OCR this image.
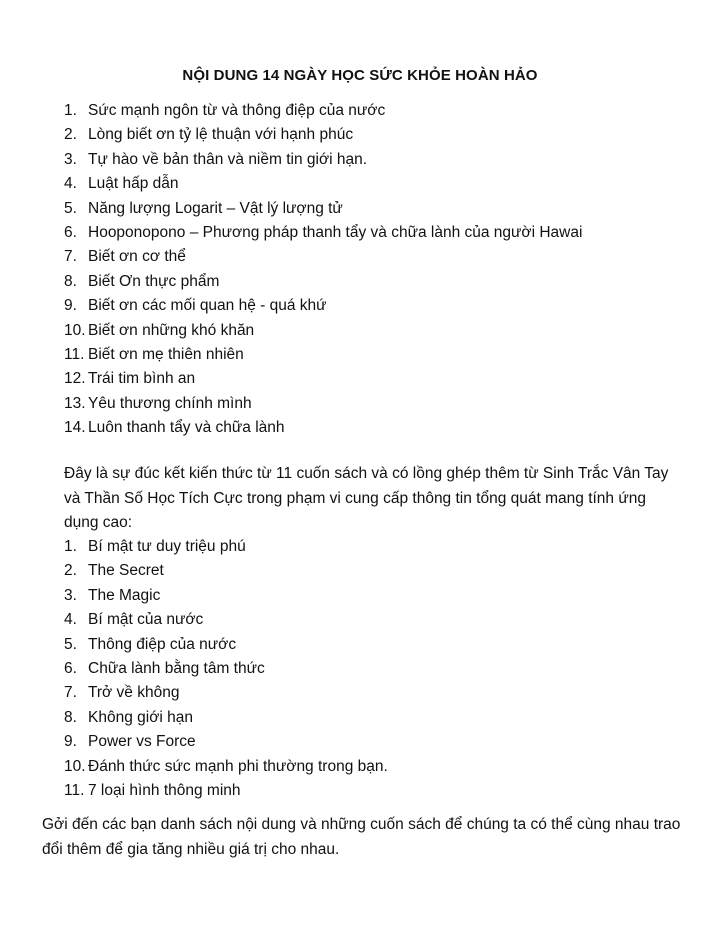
NỘI DUNG 14 NGÀY HỌC SỨC KHỎE HOÀN HẢO
1. Sức mạnh ngôn từ và thông điệp của nước
2. Lòng biết ơn tỷ lệ thuận với hạnh phúc
3. Tự hào về bản thân và niềm tin giới hạn.
4. Luật hấp dẫn
5. Năng lượng Logarit – Vật lý lượng tử
6. Hooponopono – Phương pháp thanh tẩy và chữa lành của người Hawai
7. Biết ơn cơ thể
8. Biết Ơn thực phẩm
9. Biết ơn các mối quan hệ - quá khứ
10. Biết ơn những khó khăn
11. Biết ơn mẹ thiên nhiên
12. Trái tim bình an
13. Yêu thương chính mình
14. Luôn thanh tẩy và chữa lành

Đây là sự đúc kết kiến thức từ 11 cuốn sách và có lồng ghép thêm từ Sinh Trắc Vân Tay và Thần Số Học Tích Cực trong phạm vi cung cấp thông tin tổng quát mang tính ứng dụng cao:

1. Bí mật tư duy triệu phú
2. The Secret
3. The Magic
4. Bí mật của nước
5. Thông điệp của nước
6. Chữa lành bằng tâm thức
7. Trở về không
8. Không giới hạn
9. Power vs Force
10. Đánh thức sức mạnh phi thường trong bạn.
11. 7 loại hình thông minh

Gởi đến các bạn danh sách nội dung và những cuốn sách để chúng ta có thể cùng nhau trao đổi thêm để gia tăng nhiều giá trị cho nhau.
